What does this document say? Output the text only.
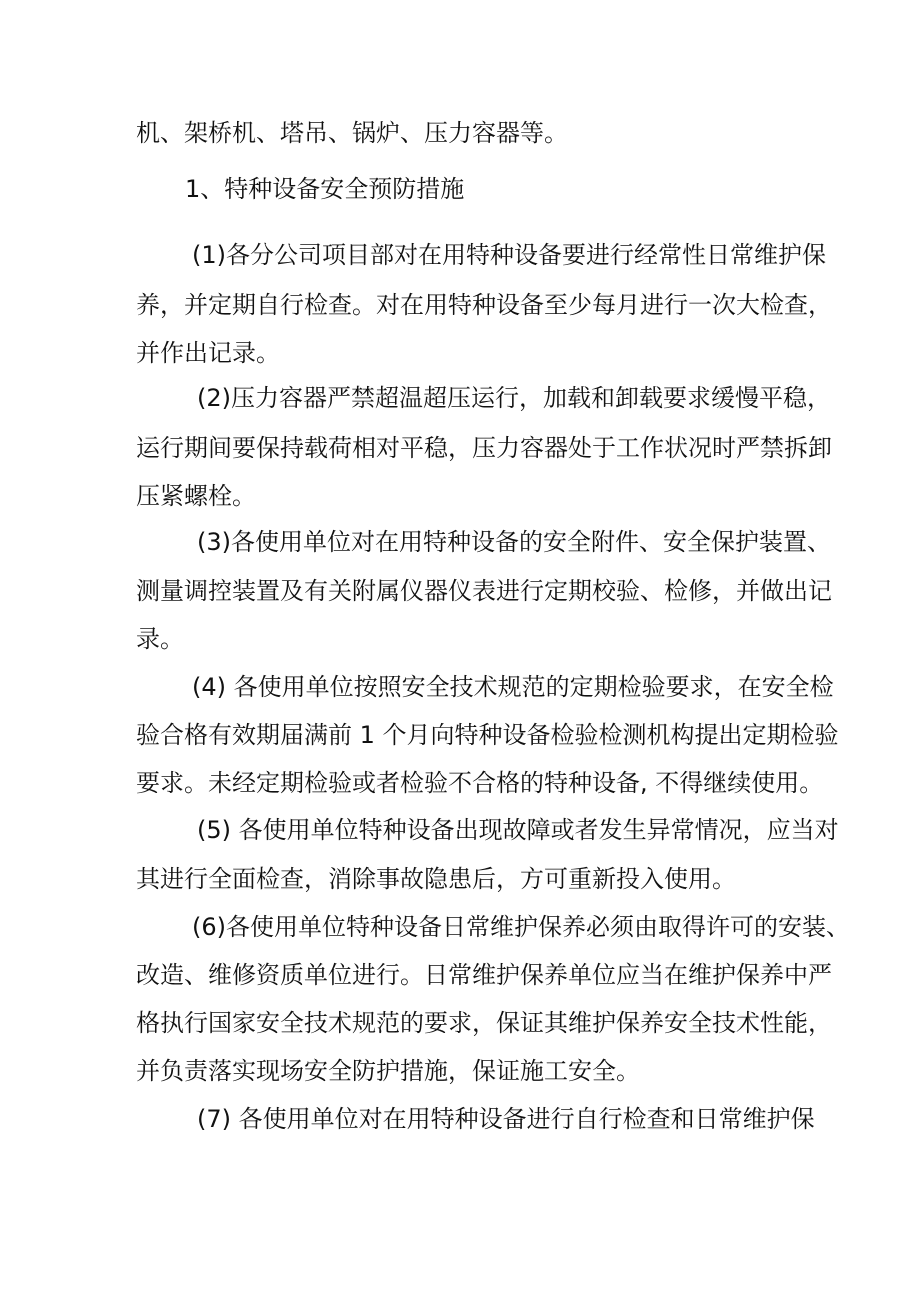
机、架桥机、塔吊、锅炉、压力容器等。
1、特种设备安全预防措施
(1)各分公司项目部对在用特种设备要进行经常性日常维护保
养，并定期自行检查。对在用特种设备至少每月进行一次大检查，
并作出记录。
(2)压力容器严禁超温超压运行，加载和卸载要求缓慢平稳，
运行期间要保持载荷相对平稳，压力容器处于工作状况时严禁拆卸
压紧螺栓。
(3)各使用单位对在用特种设备的安全附件、安全保护装置、
测量调控装置及有关附属仪器仪表进行定期校验、检修，并做出记
录。
(4) 各使用单位按照安全技术规范的定期检验要求，在安全检
验合格有效期届满前 1 个月向特种设备检验检测机构提出定期检验
要求。未经定期检验或者检验不合格的特种设备, 不得继续使用。
(5) 各使用单位特种设备出现故障或者发生异常情况，应当对
其进行全面检查，消除事故隐患后，方可重新投入使用。
(6)各使用单位特种设备日常维护保养必须由取得许可的安装、
改造、维修资质单位进行。日常维护保养单位应当在维护保养中严
格执行国家安全技术规范的要求，保证其维护保养安全技术性能，
并负责落实现场安全防护措施，保证施工安全。
(7) 各使用单位对在用特种设备进行自行检查和日常维护保
